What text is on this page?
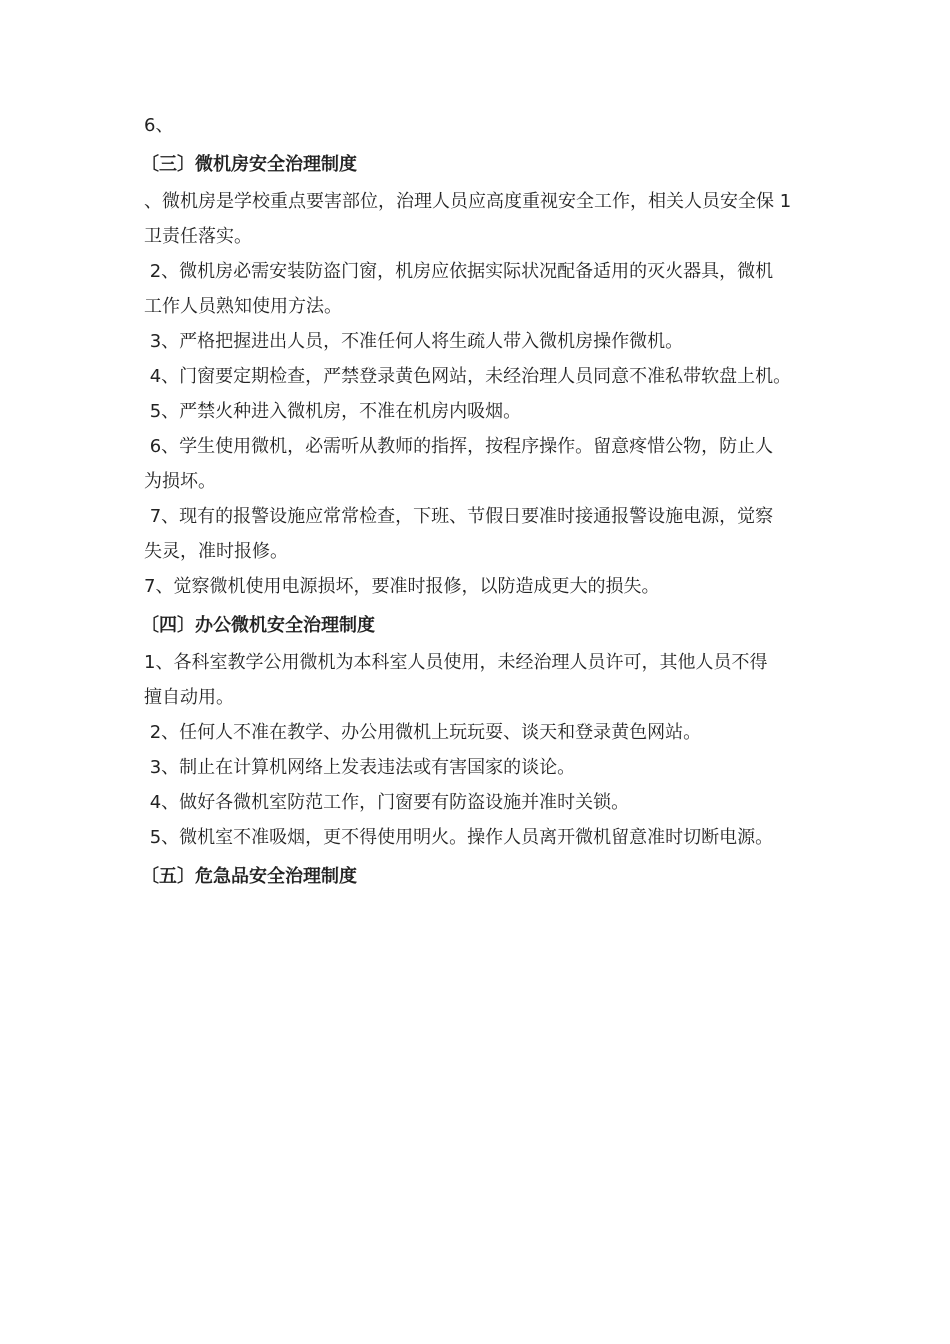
6、

〔三〕微机房安全治理制度

、微机房是学校重点要害部位，治理人员应高度重视安全工作，相关人员安全保 1

卫责任落实。

2、微机房必需安装防盗门窗，机房应依据实际状况配备适用的灭火器具，微机

工作人员熟知使用方法。

3、严格把握进出人员，不准任何人将生疏人带入微机房操作微机。

4、门窗要定期检查，严禁登录黄色网站，未经治理人员同意不准私带软盘上机。

5、严禁火种进入微机房，不准在机房内吸烟。

6、学生使用微机，必需听从教师的指挥，按程序操作。留意疼惜公物，防止人

为损坏。

7、现有的报警设施应常常检查，下班、节假日要准时接通报警设施电源，觉察

失灵，准时报修。

7、觉察微机使用电源损坏，要准时报修，以防造成更大的损失。

〔四〕办公微机安全治理制度

1、各科室教学公用微机为本科室人员使用，未经治理人员许可，其他人员不得

擅自动用。

2、任何人不准在教学、办公用微机上玩玩耍、谈天和登录黄色网站。

3、制止在计算机网络上发表违法或有害国家的谈论。

4、做好各微机室防范工作，门窗要有防盗设施并准时关锁。

5、微机室不准吸烟，更不得使用明火。操作人员离开微机留意准时切断电源。

〔五〕危急品安全治理制度
